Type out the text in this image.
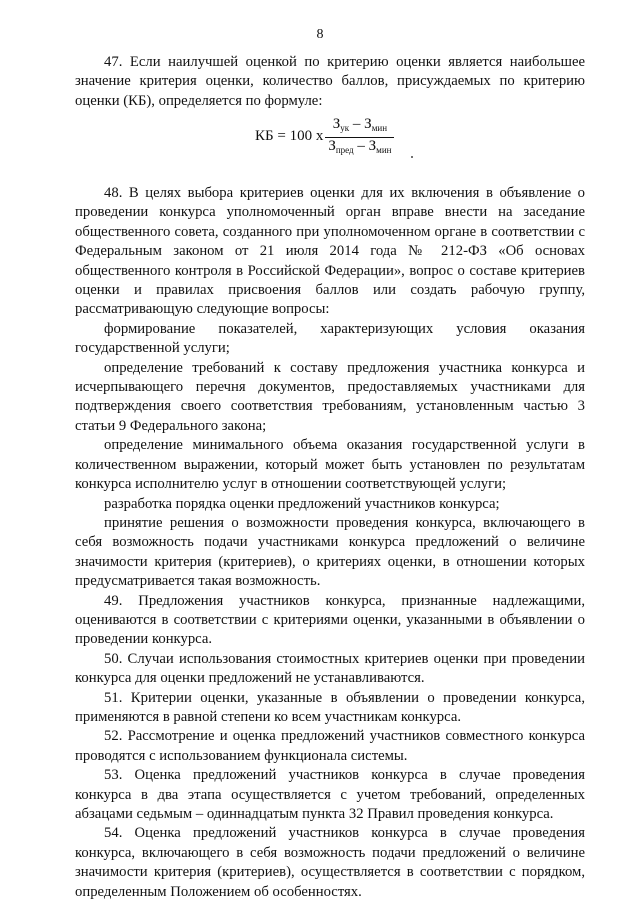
8

47. Если наилучшей оценкой по критерию оценки является наибольшее значение критерия оценки, количество баллов, присуждаемых по критерию оценки (КБ), определяется по формуле:

КБ = 100 x $\frac{З_{ук} - З_{мин}}{З_{пред} - З_{мин}}$

48. В целях выбора критериев оценки для их включения в объявление о проведении конкурса уполномоченный орган вправе внести на заседание общественного совета, созданного при уполномоченном органе в соответствии с Федеральным законом от 21 июля 2014 года № 212-ФЗ «Об основах общественного контроля в Российской Федерации», вопрос о составе критериев оценки и правилах присвоения баллов или создать рабочую группу, рассматривающую следующие вопросы:

формирование показателей, характеризующих условия оказания государственной услуги;

определение требований к составу предложения участника конкурса и исчерпывающего перечня документов, предоставляемых участниками для подтверждения своего соответствия требованиям, установленным частью 3 статьи 9 Федерального закона;

определение минимального объема оказания государственной услуги в количественном выражении, который может быть установлен по результатам конкурса исполнителю услуг в отношении соответствующей услуги;

разработка порядка оценки предложений участников конкурса;

принятие решения о возможности проведения конкурса, включающего в себя возможность подачи участниками конкурса предложений о величине значимости критерия (критериев), о критериях оценки, в отношении которых предусматривается такая возможность.

49. Предложения участников конкурса, признанные надлежащими, оцениваются в соответствии с критериями оценки, указанными в объявлении о проведении конкурса.

50. Случаи использования стоимостных критериев оценки при проведении конкурса для оценки предложений не устанавливаются.

51. Критерии оценки, указанные в объявлении о проведении конкурса, применяются в равной степени ко всем участникам конкурса.

52. Рассмотрение и оценка предложений участников совместного конкурса проводятся с использованием функционала системы.

53. Оценка предложений участников конкурса в случае проведения конкурса в два этапа осуществляется с учетом требований, определенных абзацами седьмым – одиннадцатым пункта 32 Правил проведения конкурса.

54. Оценка предложений участников конкурса в случае проведения конкурса, включающего в себя возможность подачи предложений о величине значимости критерия (критериев), осуществляется в соответствии с порядком, определенным Положением об особенностях.
